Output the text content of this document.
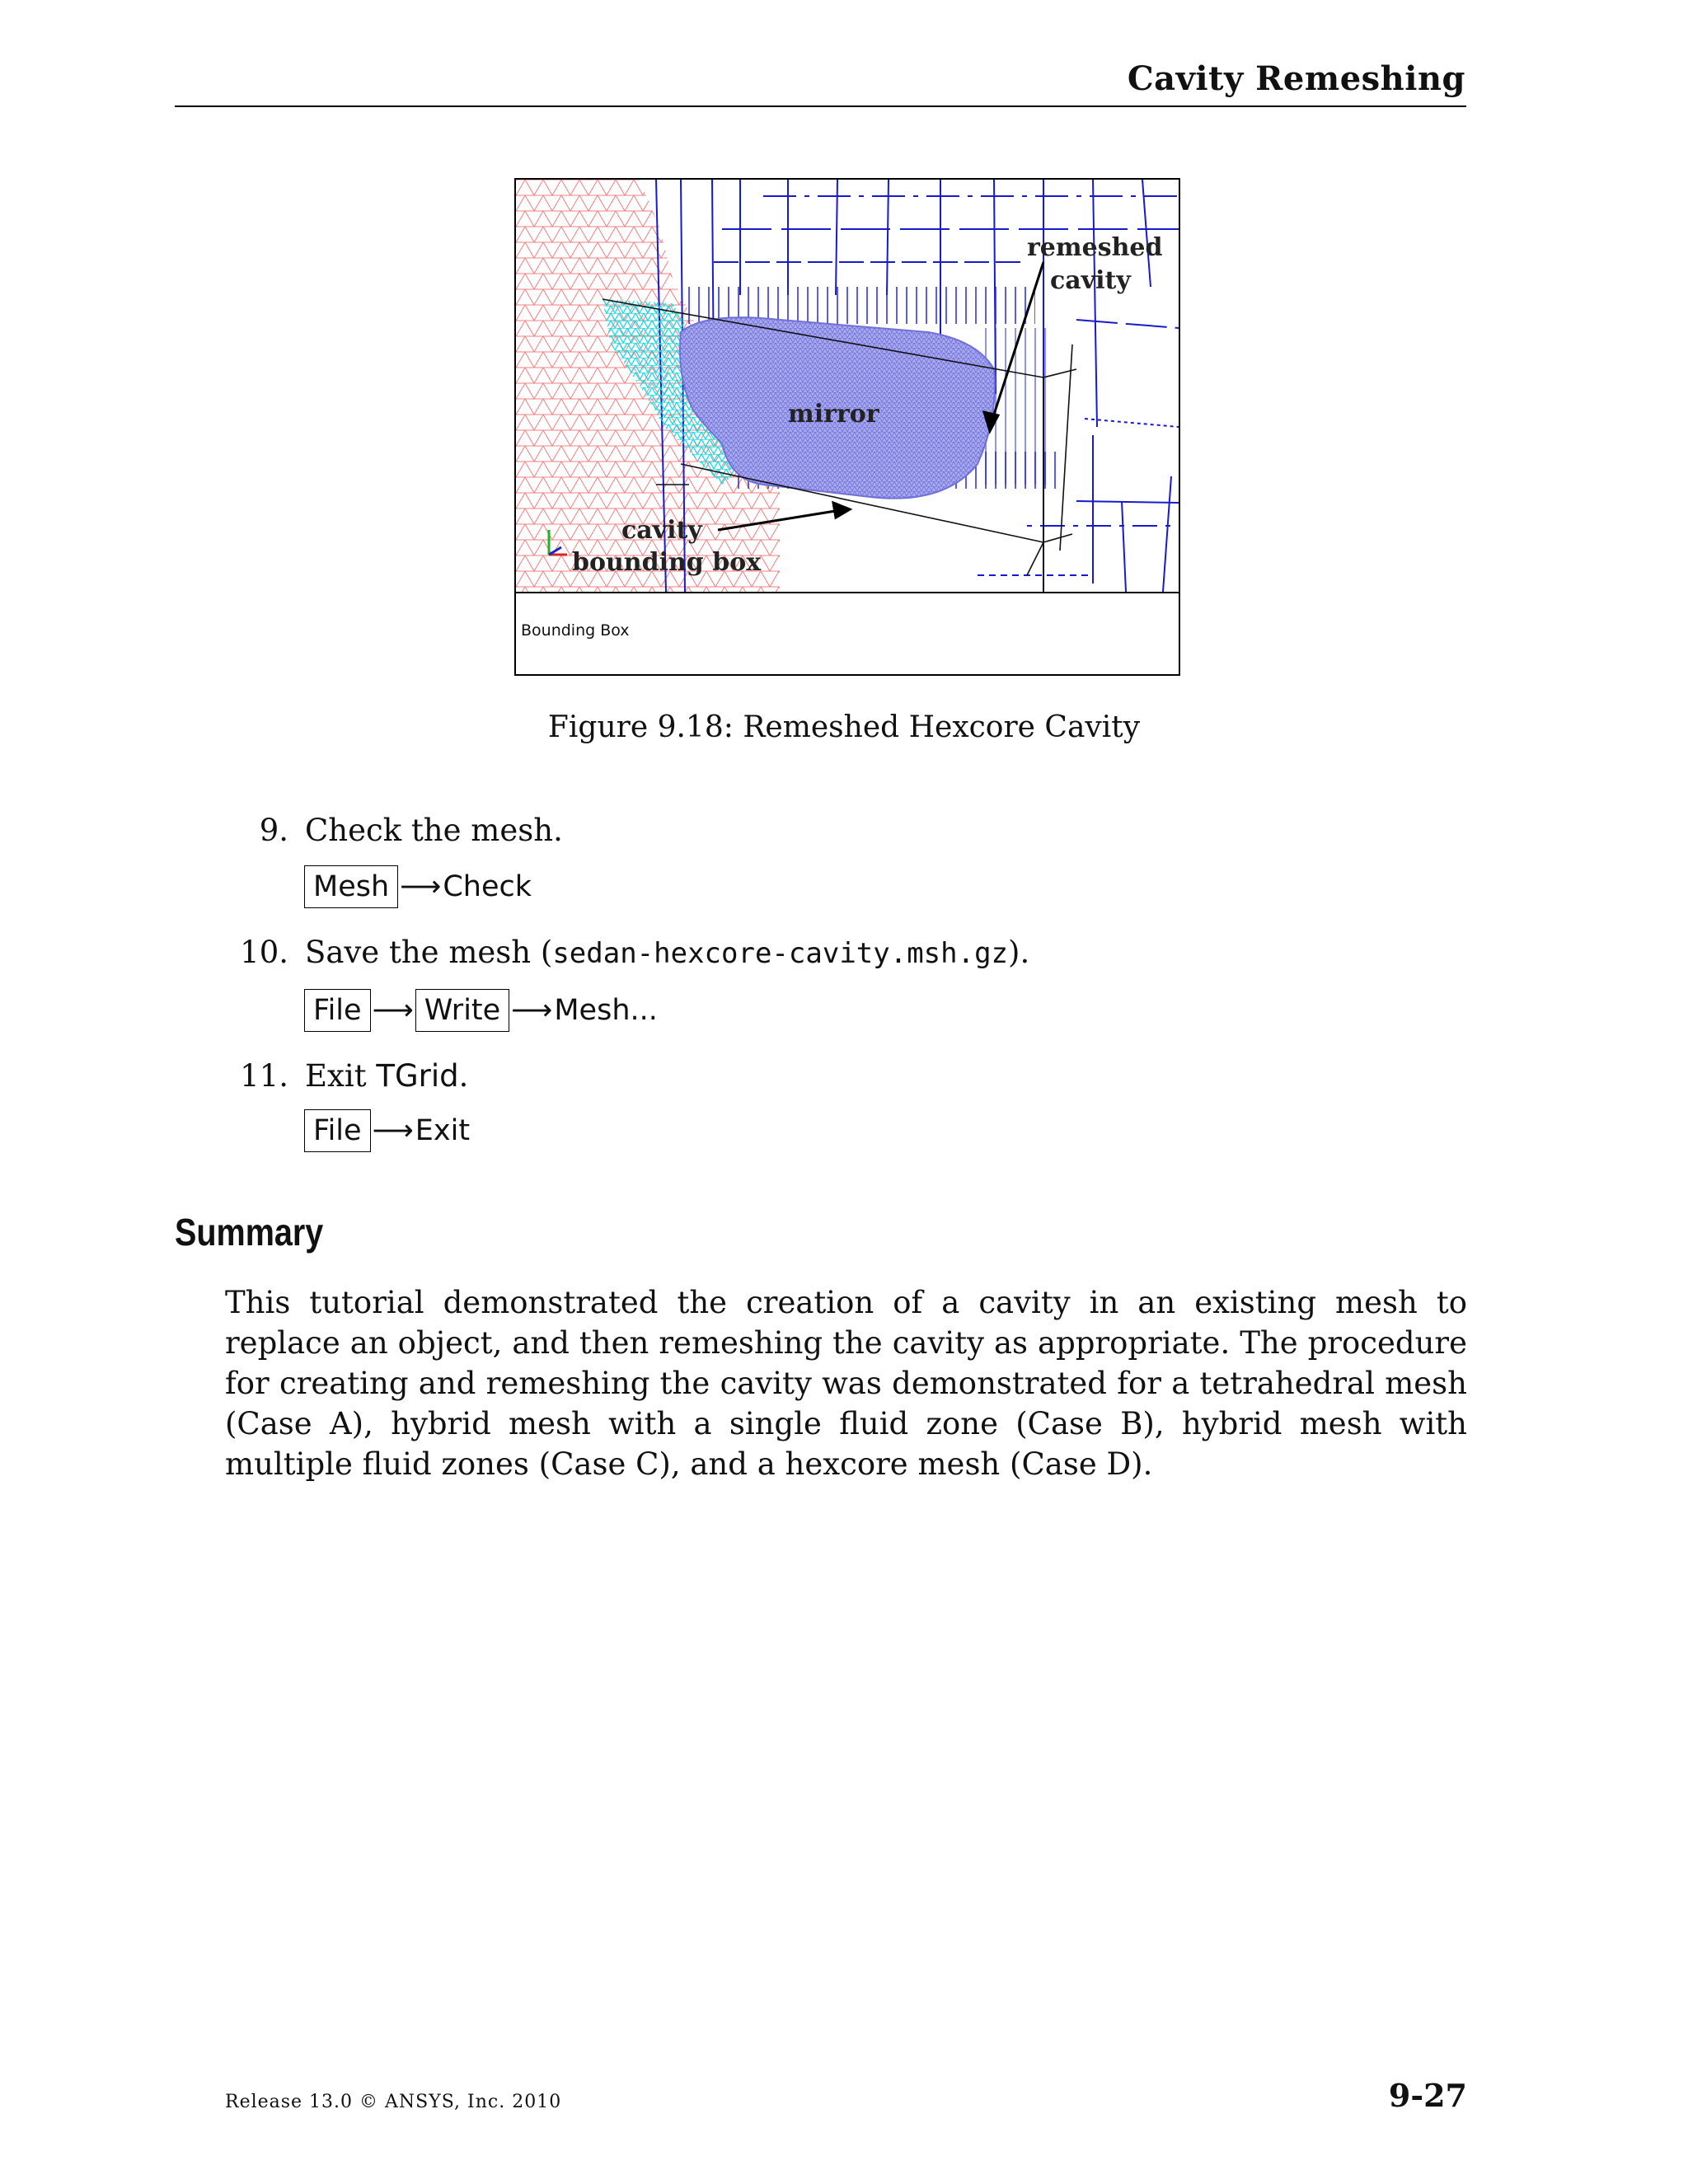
Cavity Remeshing
remeshed
cavity
mirror
cavity
bounding box
Bounding Box
Figure 9.18: Remeshed Hexcore Cavity
9. Check the mesh.
Mesh ⟶ Check
10. Save the mesh (sedan-hexcore-cavity.msh.gz).
File ⟶ Write ⟶ Mesh...
11. Exit TGrid.
File ⟶ Exit
Summary

This tutorial demonstrated the creation of a cavity in an existing mesh to replace an object, and then remeshing the cavity as appropriate. The procedure for creating and remeshing the cavity was demonstrated for a tetrahedral mesh (Case A), hybrid mesh with a single fluid zone (Case B), hybrid mesh with multiple fluid zones (Case C), and a hexcore mesh (Case D).

Release 13.0 © ANSYS, Inc. 2010	9-27
